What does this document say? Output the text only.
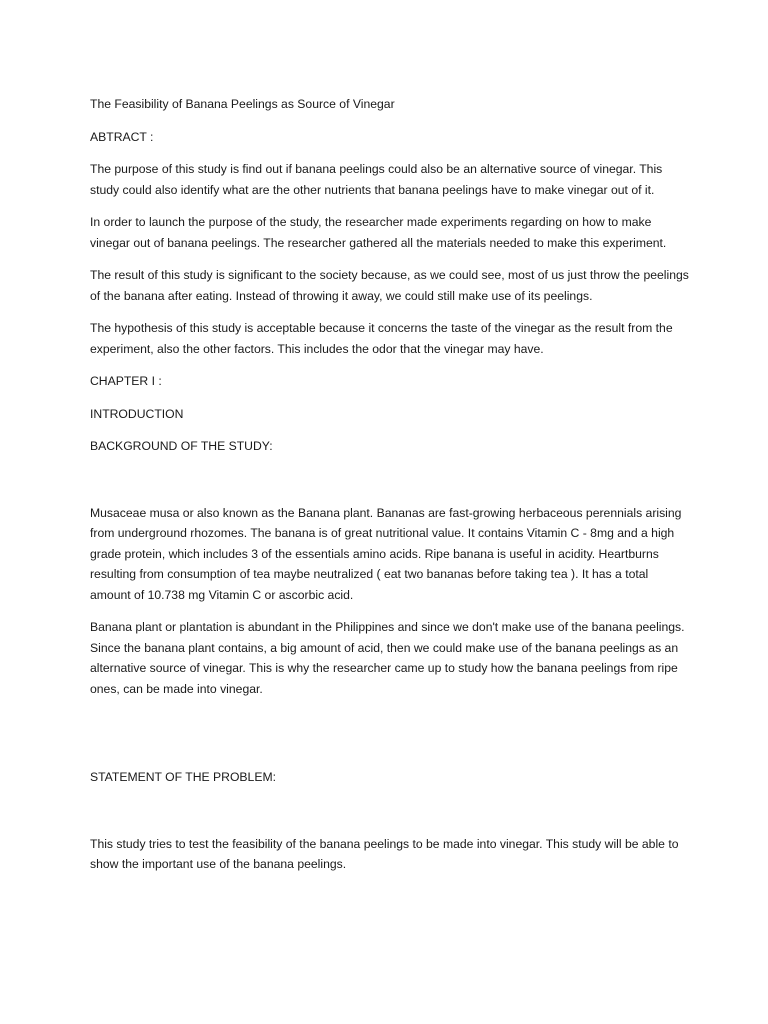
The Feasibility of Banana Peelings as Source of Vinegar

ABTRACT :

The purpose of this study is find out if banana peelings could also be an alternative source of vinegar. This study could also identify what are the other nutrients that banana peelings have to make vinegar out of it.

In order to launch the purpose of the study, the researcher made experiments regarding on how to make vinegar out of banana peelings. The researcher gathered all the materials needed to make this experiment.

The result of this study is significant to the society because, as we could see, most of us just throw the peelings of the banana after eating. Instead of throwing it away, we could still make use of its peelings.

The hypothesis of this study is acceptable because it concerns the taste of the vinegar as the result from the experiment, also the other factors. This includes the odor that the vinegar may have.

CHAPTER I :

INTRODUCTION

BACKGROUND OF THE STUDY:

Musaceae musa or also known as the Banana plant. Bananas are fast-growing herbaceous perennials arising from underground rhozomes. The banana is of great nutritional value. It contains Vitamin C - 8mg and a high grade protein, which includes 3 of the essentials amino acids. Ripe banana is useful in acidity. Heartburns resulting from consumption of tea maybe neutralized ( eat two bananas before taking tea ). It has a total amount of 10.738 mg Vitamin C or ascorbic acid.

Banana plant or plantation is abundant in the Philippines and since we don't make use of the banana peelings. Since the banana plant contains, a big amount of acid, then we could make use of the banana peelings as an alternative source of vinegar. This is why the researcher came up to study how the banana peelings from ripe ones, can be made into vinegar.

STATEMENT OF THE PROBLEM:

This study tries to test the feasibility of the banana peelings to be made into vinegar. This study will be able to show the important use of the banana peelings.
